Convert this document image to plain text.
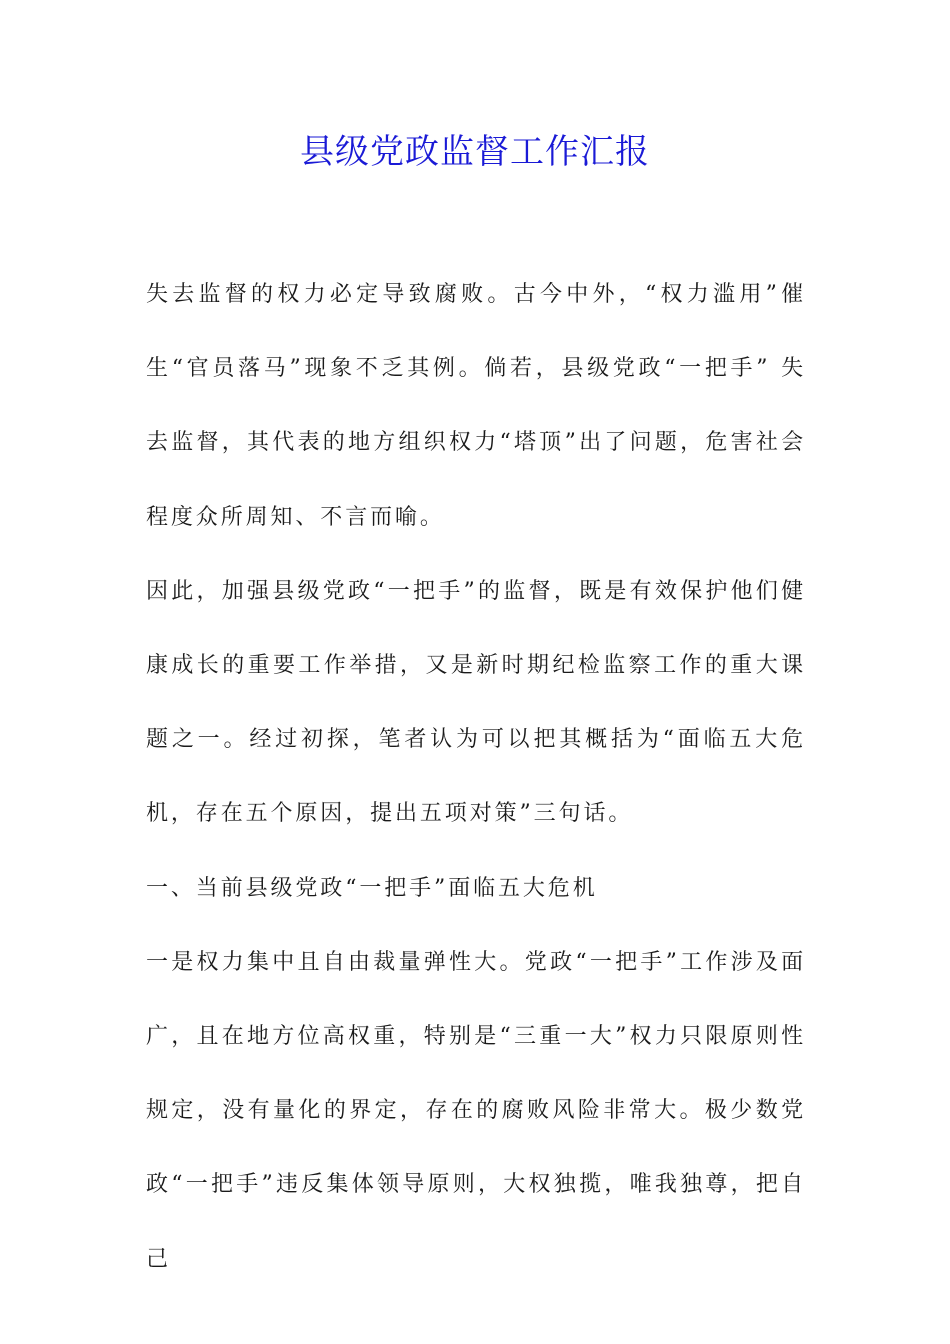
县级党政监督工作汇报

失去监督的权力必定导致腐败。古今中外，“权力滥用”催生“官员落马”现象不乏其例。倘若，县级党政“一把手” 失去监督，其代表的地方组织权力“塔顶”出了问题，危害社会程度众所周知、不言而喻。

因此，加强县级党政“一把手”的监督，既是有效保护他们健康成长的重要工作举措，又是新时期纪检监察工作的重大课题之一。经过初探，笔者认为可以把其概括为“面临五大危机，存在五个原因，提出五项对策”三句话。

一、当前县级党政“一把手”面临五大危机

一是权力集中且自由裁量弹性大。党政“一把手”工作涉及面广，且在地方位高权重，特别是“三重一大”权力只限原则性规定，没有量化的界定，存在的腐败风险非常大。极少数党政“一把手”违反集体领导原则，大权独揽，唯我独尊，把自己
